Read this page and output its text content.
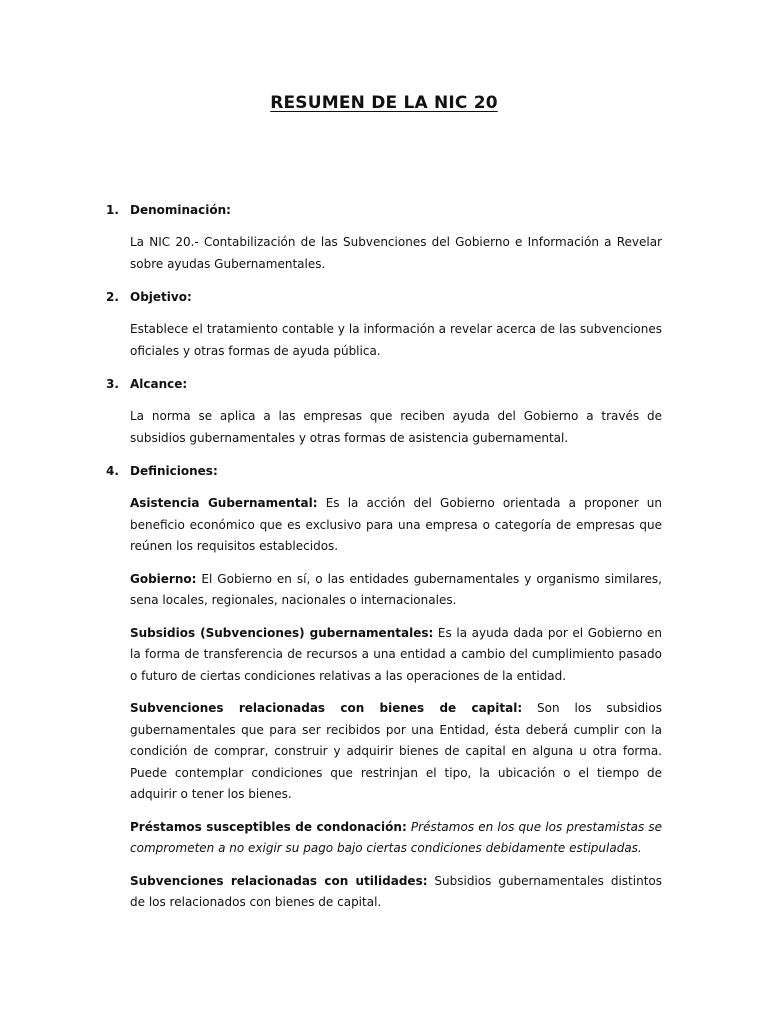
RESUMEN DE LA NIC 20
1. Denominación:
La NIC 20.- Contabilización de las Subvenciones del Gobierno e Información a Revelar sobre ayudas Gubernamentales.
2. Objetivo:
Establece el tratamiento contable y la información a revelar acerca de las subvenciones oficiales y otras formas de ayuda pública.
3. Alcance:
La norma se aplica a las empresas que reciben ayuda del Gobierno a través de subsidios gubernamentales y otras formas de asistencia gubernamental.
4. Definiciones:
Asistencia Gubernamental: Es la acción del Gobierno orientada a proponer un beneficio económico que es exclusivo para una empresa o categoría de empresas que reúnen los requisitos establecidos.
Gobierno: El Gobierno en sí, o las entidades gubernamentales y organismo similares, sena locales, regionales, nacionales o internacionales.
Subsidios (Subvenciones) gubernamentales: Es la ayuda dada por el Gobierno en la forma de transferencia de recursos a una entidad a cambio del cumplimiento pasado o futuro de ciertas condiciones relativas a las operaciones de la entidad.
Subvenciones relacionadas con bienes de capital: Son los subsidios gubernamentales que para ser recibidos por una Entidad, ésta deberá cumplir con la condición de comprar, construir y adquirir bienes de capital en alguna u otra forma. Puede contemplar condiciones que restrinjan el tipo, la ubicación o el tiempo de adquirir o tener los bienes.
Préstamos susceptibles de condonación: Préstamos en los que los prestamistas se comprometen a no exigir su pago bajo ciertas condiciones debidamente estipuladas.
Subvenciones relacionadas con utilidades: Subsidios gubernamentales distintos de los relacionados con bienes de capital.
